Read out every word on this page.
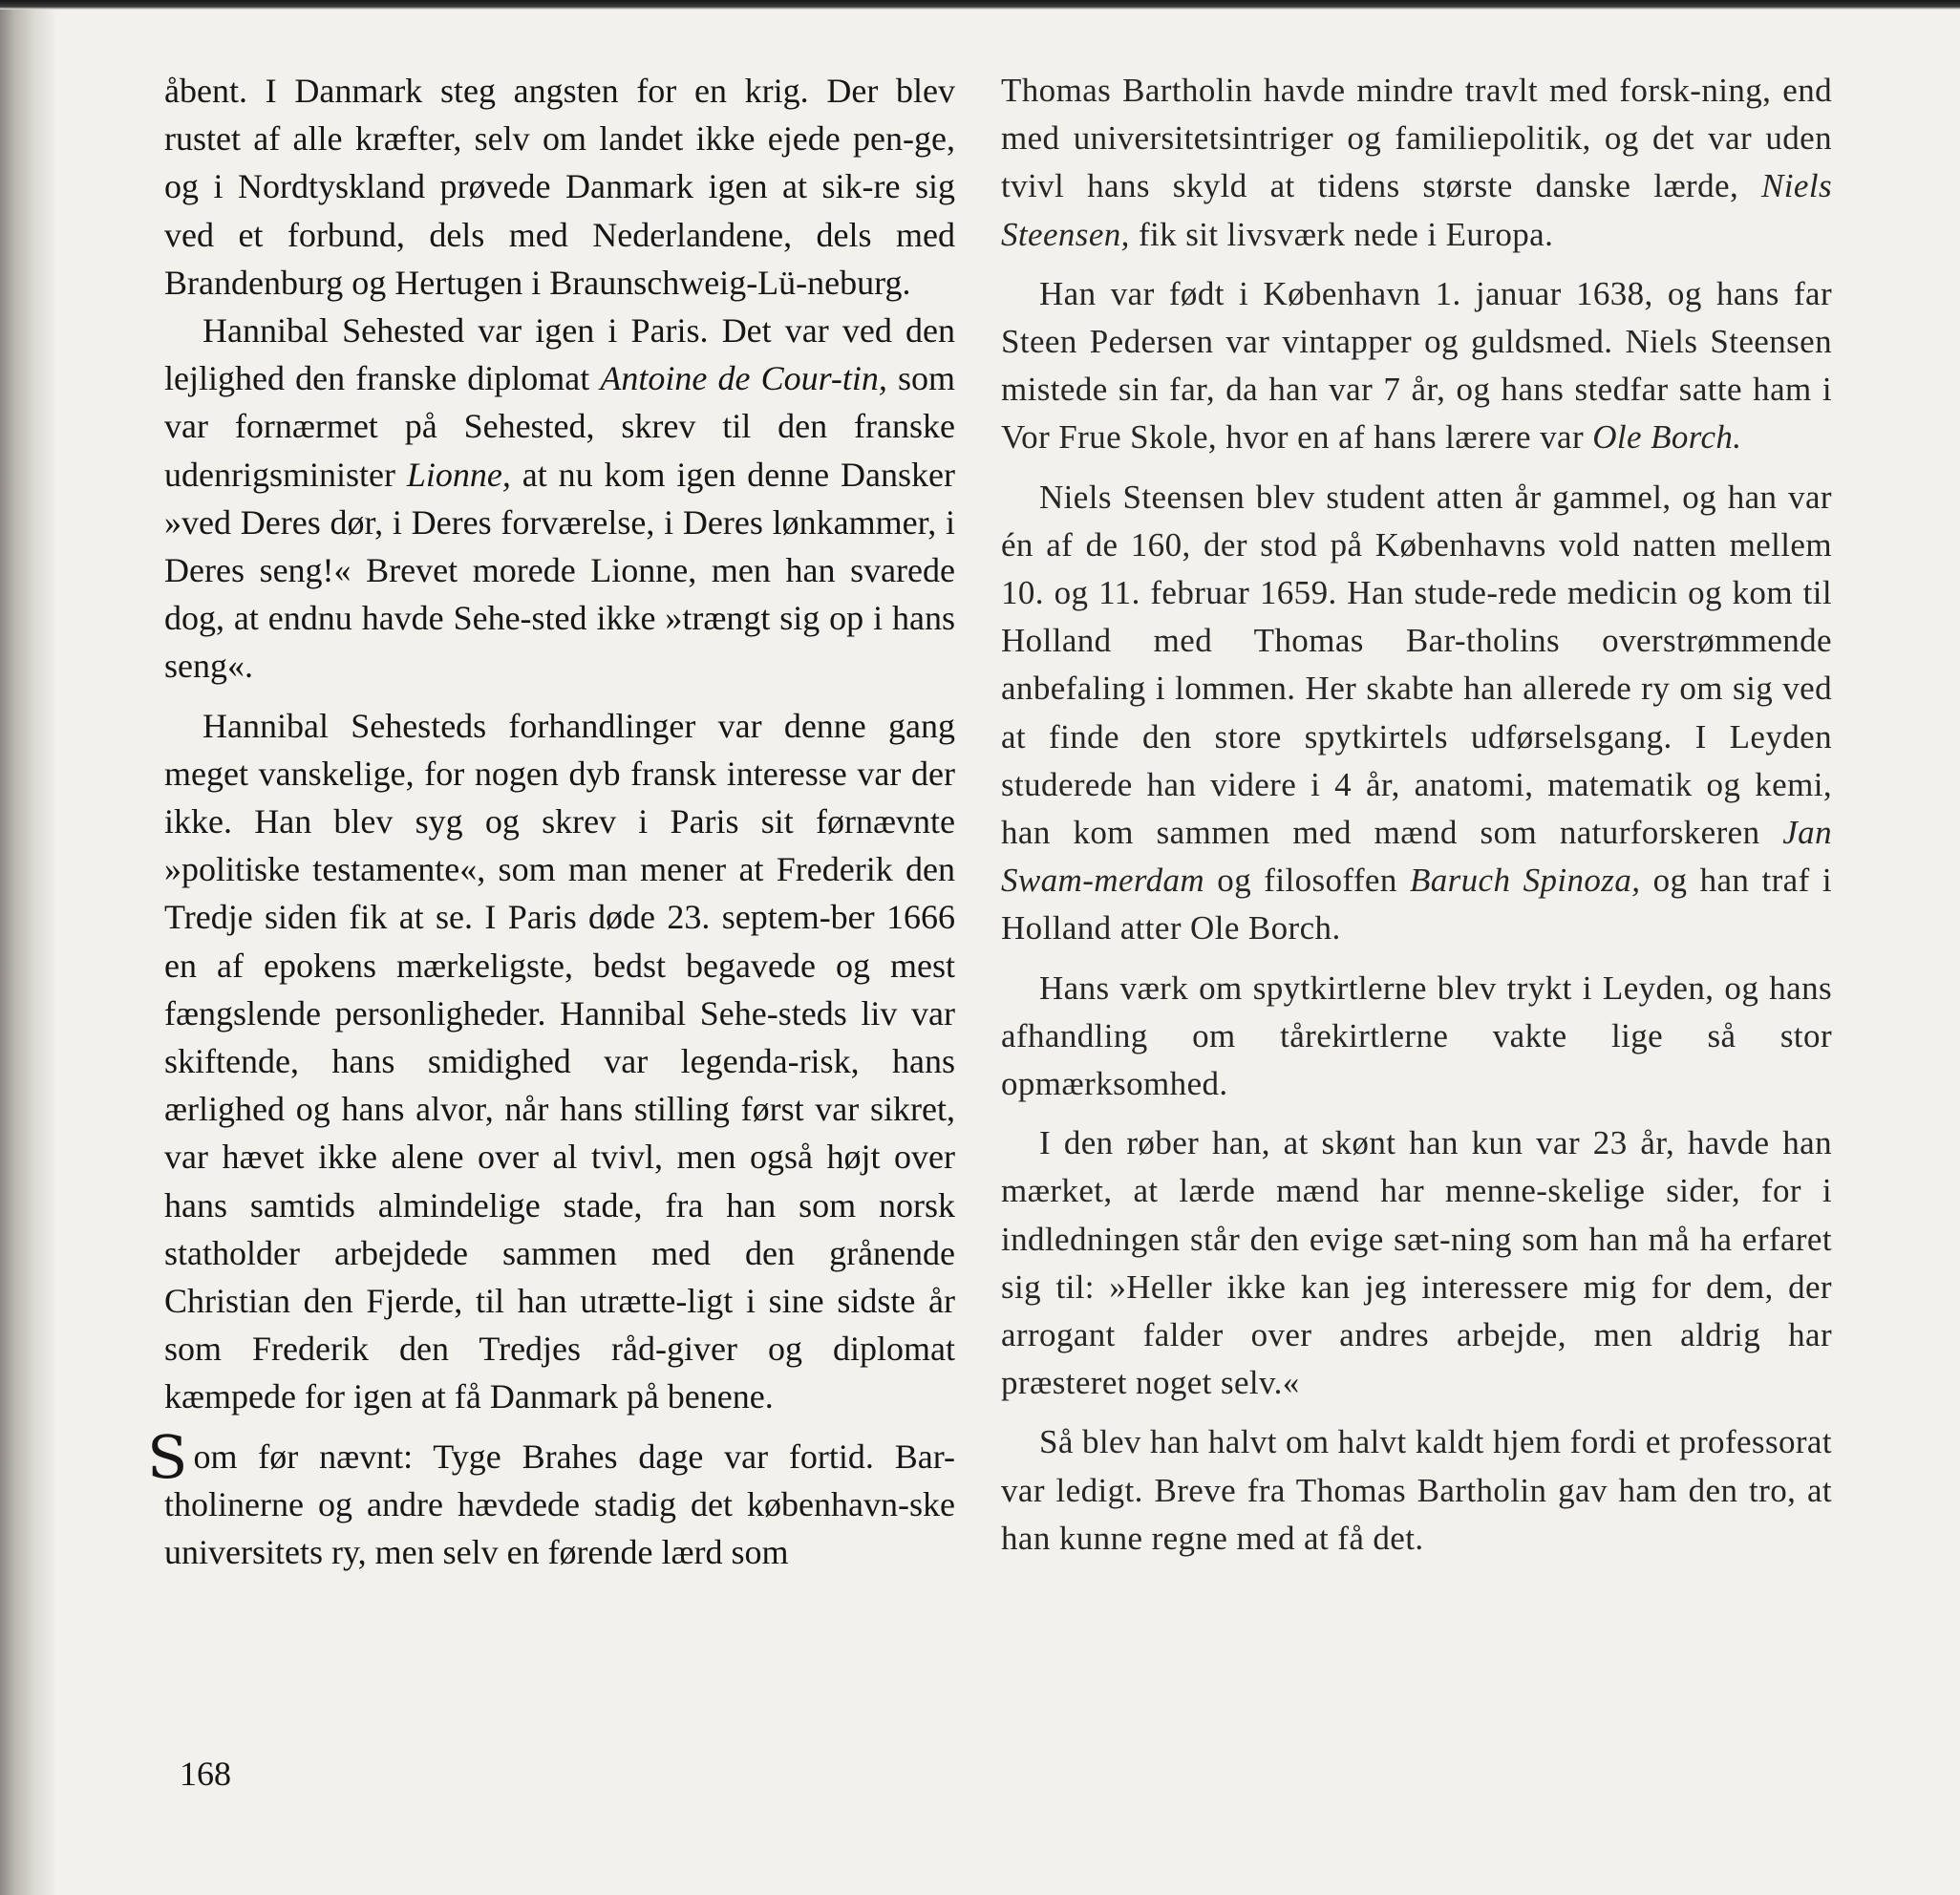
åbent. I Danmark steg angsten for en krig. Der blev rustet af alle kræfter, selv om landet ikke ejede pen-ge, og i Nordtyskland prøvede Danmark igen at sik-re sig ved et forbund, dels med Nederlandene, dels med Brandenburg og Hertugen i Braunschweig-Lü-neburg.

Hannibal Sehested var igen i Paris. Det var ved den lejlighed den franske diplomat Antoine de Cour-tin, som var fornærmet på Sehested, skrev til den franske udenrigsminister Lionne, at nu kom igen denne Dansker »ved Deres dør, i Deres forværelse, i Deres lønkammer, i Deres seng!« Brevet morede Lionne, men han svarede dog, at endnu havde Sehe-sted ikke »trængt sig op i hans seng«.

Hannibal Sehesteds forhandlinger var denne gang meget vanskelige, for nogen dyb fransk interesse var der ikke. Han blev syg og skrev i Paris sit førnævnte »politiske testamente«, som man mener at Frederik den Tredje siden fik at se. I Paris døde 23. septem-ber 1666 en af epokens mærkeligste, bedst begavede og mest fængslende personligheder. Hannibal Sehe-steds liv var skiftende, hans smidighed var legenda-risk, hans ærlighed og hans alvor, når hans stilling først var sikret, var hævet ikke alene over al tvivl, men også højt over hans samtids almindelige stade, fra han som norsk statholder arbejdede sammen med den grånende Christian den Fjerde, til han utrætte-ligt i sine sidste år som Frederik den Tredjes råd-giver og diplomat kæmpede for igen at få Danmark på benene.

Som før nævnt: Tyge Brahes dage var fortid. Bar-tholinerne og andre hævdede stadig det københavn-ske universitets ry, men selv en førende lærd som

Thomas Bartholin havde mindre travlt med forsk-ning, end med universitetsintriger og familiepolitik, og det var uden tvivl hans skyld at tidens største danske lærde, Niels Steensen, fik sit livsværk nede i Europa.

Han var født i København 1. januar 1638, og hans far Steen Pedersen var vintapper og guldsmed. Niels Steensen mistede sin far, da han var 7 år, og hans stedfar satte ham i Vor Frue Skole, hvor en af hans lærere var Ole Borch.

Niels Steensen blev student atten år gammel, og han var én af de 160, der stod på Københavns vold natten mellem 10. og 11. februar 1659. Han stude-rede medicin og kom til Holland med Thomas Bar-tholins overstrømmende anbefaling i lommen. Her skabte han allerede ry om sig ved at finde den store spytkirtels udførselsgang. I Leyden studerede han videre i 4 år, anatomi, matematik og kemi, han kom sammen med mænd som naturforskeren Jan Swam-merdam og filosoffen Baruch Spinoza, og han traf i Holland atter Ole Borch.

Hans værk om spytkirtlerne blev trykt i Leyden, og hans afhandling om tårekirtlerne vakte lige så stor opmærksomhed.

I den røber han, at skønt han kun var 23 år, havde han mærket, at lærde mænd har menne-skelige sider, for i indledningen står den evige sæt-ning som han må ha erfaret sig til: »Heller ikke kan jeg interessere mig for dem, der arrogant falder over andres arbejde, men aldrig har præsteret noget selv.«

Så blev han halvt om halvt kaldt hjem fordi et professorat var ledigt. Breve fra Thomas Bartholin gav ham den tro, at han kunne regne med at få det.

168
